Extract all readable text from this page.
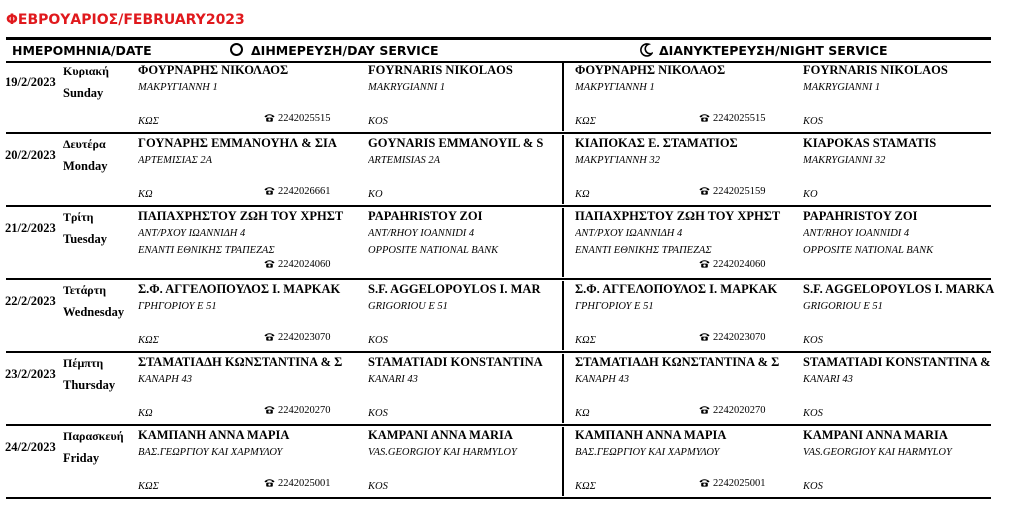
ΦΕΒΡΟΥΑΡΙΟΣ/FEBRUARY2023
ΗΜΕΡΟΜΗΝΙΑ/DATE	ΔΙΗΜΕΡΕΥΣΗ/DAY SERVICE	ΔΙΑΝΥΚΤΕΡΕΥΣΗ/NIGHT SERVICE
19/2/2023
Κυριακή
Sunday
ΦΟΥΡΝΑΡΗΣ ΝΙΚΟΛΑΟΣ
ΜΑΚΡΥΓΙΑΝΝΗ 1
ΚΩΣ
FOYRNARIS NIKOLAOS
MAKRYGIANNI 1
KOS
2242025515
ΦΟΥΡΝΑΡΗΣ ΝΙΚΟΛΑΟΣ
ΜΑΚΡΥΓΙΑΝΝΗ 1
ΚΩΣ
FOYRNARIS NIKOLAOS
MAKRYGIANNI 1
KOS
2242025515
20/2/2023
Δευτέρα
Monday
ΓΟΥΝΑΡΗΣ ΕΜΜΑΝΟΥΗΛ & ΣΙΑ
ΑΡΤΕΜΙΣΙΑΣ 2Α
ΚΩ
GOYNARIS EMMANOYIL & S
ARTEMISIAS 2A
KO
2242026661
ΚΙΑΠΟΚΑΣ Ε. ΣΤΑΜΑΤΙΟΣ
ΜΑΚΡΥΓΙΑΝΝΗ 32
ΚΩ
KIAPOKAS STAMATIS
MAKRYGIANNI 32
KO
2242025159
21/2/2023
Τρίτη
Tuesday
ΠΑΠΑΧΡΗΣΤΟΥ ΖΩΗ ΤΟΥ ΧΡΗΣΤ
ΑΝΤ/ΡΧΟΥ ΙΩΑΝΝΙΔΗ 4
ΕΝΑΝΤΙ ΕΘΝΙΚΗΣ ΤΡΑΠΕΖΑΣ
PAPAHRISTOY ZOI
ANT/RHOY IOANNIDI 4
OPPOSITE NATIONAL BANK
2242024060
ΠΑΠΑΧΡΗΣΤΟΥ ΖΩΗ ΤΟΥ ΧΡΗΣΤ
ΑΝΤ/ΡΧΟΥ ΙΩΑΝΝΙΔΗ 4
ΕΝΑΝΤΙ ΕΘΝΙΚΗΣ ΤΡΑΠΕΖΑΣ
PAPAHRISTOY ZOI
ANT/RHOY IOANNIDI 4
OPPOSITE NATIONAL BANK
2242024060
22/2/2023
Τετάρτη
Wednesday
Σ.Φ. ΑΓΓΕΛΟΠΟΥΛΟΣ Ι. ΜΑΡΚΑΚ
ΓΡΗΓΟΡΙΟΥ Ε 51
ΚΩΣ
S.F. AGGELOPOYLOS I. MAR
GRIGORIOU E 51
KOS
2242023070
Σ.Φ. ΑΓΓΕΛΟΠΟΥΛΟΣ Ι. ΜΑΡΚΑΚ
ΓΡΗΓΟΡΙΟΥ Ε 51
ΚΩΣ
S.F. AGGELOPOYLOS I. MARKA
GRIGORIOU E 51
KOS
2242023070
23/2/2023
Πέμπτη
Thursday
ΣΤΑΜΑΤΙΑΔΗ ΚΩΝΣΤΑΝΤΙΝΑ & Σ
ΚΑΝΑΡΗ 43
ΚΩ
STAMATIADI KONSTANTINA
KANARI 43
KOS
2242020270
ΣΤΑΜΑΤΙΑΔΗ ΚΩΝΣΤΑΝΤΙΝΑ & Σ
ΚΑΝΑΡΗ 43
ΚΩ
STAMATIADI KONSTANTINA &
KANARI 43
KOS
2242020270
24/2/2023
Παρασκευή
Friday
ΚΑΜΠΑΝΗ ΑΝΝΑ ΜΑΡΙΑ
ΒΑΣ.ΓΕΩΡΓΙΟΥ ΚΑΙ ΧΑΡΜΥΛΟΥ
ΚΩΣ
KAMPANI ANNA MARIA
VAS.GEORGIOY KAI HARMYLOY
KOS
2242025001
ΚΑΜΠΑΝΗ ΑΝΝΑ ΜΑΡΙΑ
ΒΑΣ.ΓΕΩΡΓΙΟΥ ΚΑΙ ΧΑΡΜΥΛΟΥ
ΚΩΣ
KAMPANI ANNA MARIA
VAS.GEORGIOY KAI HARMYLOY
KOS
2242025001
